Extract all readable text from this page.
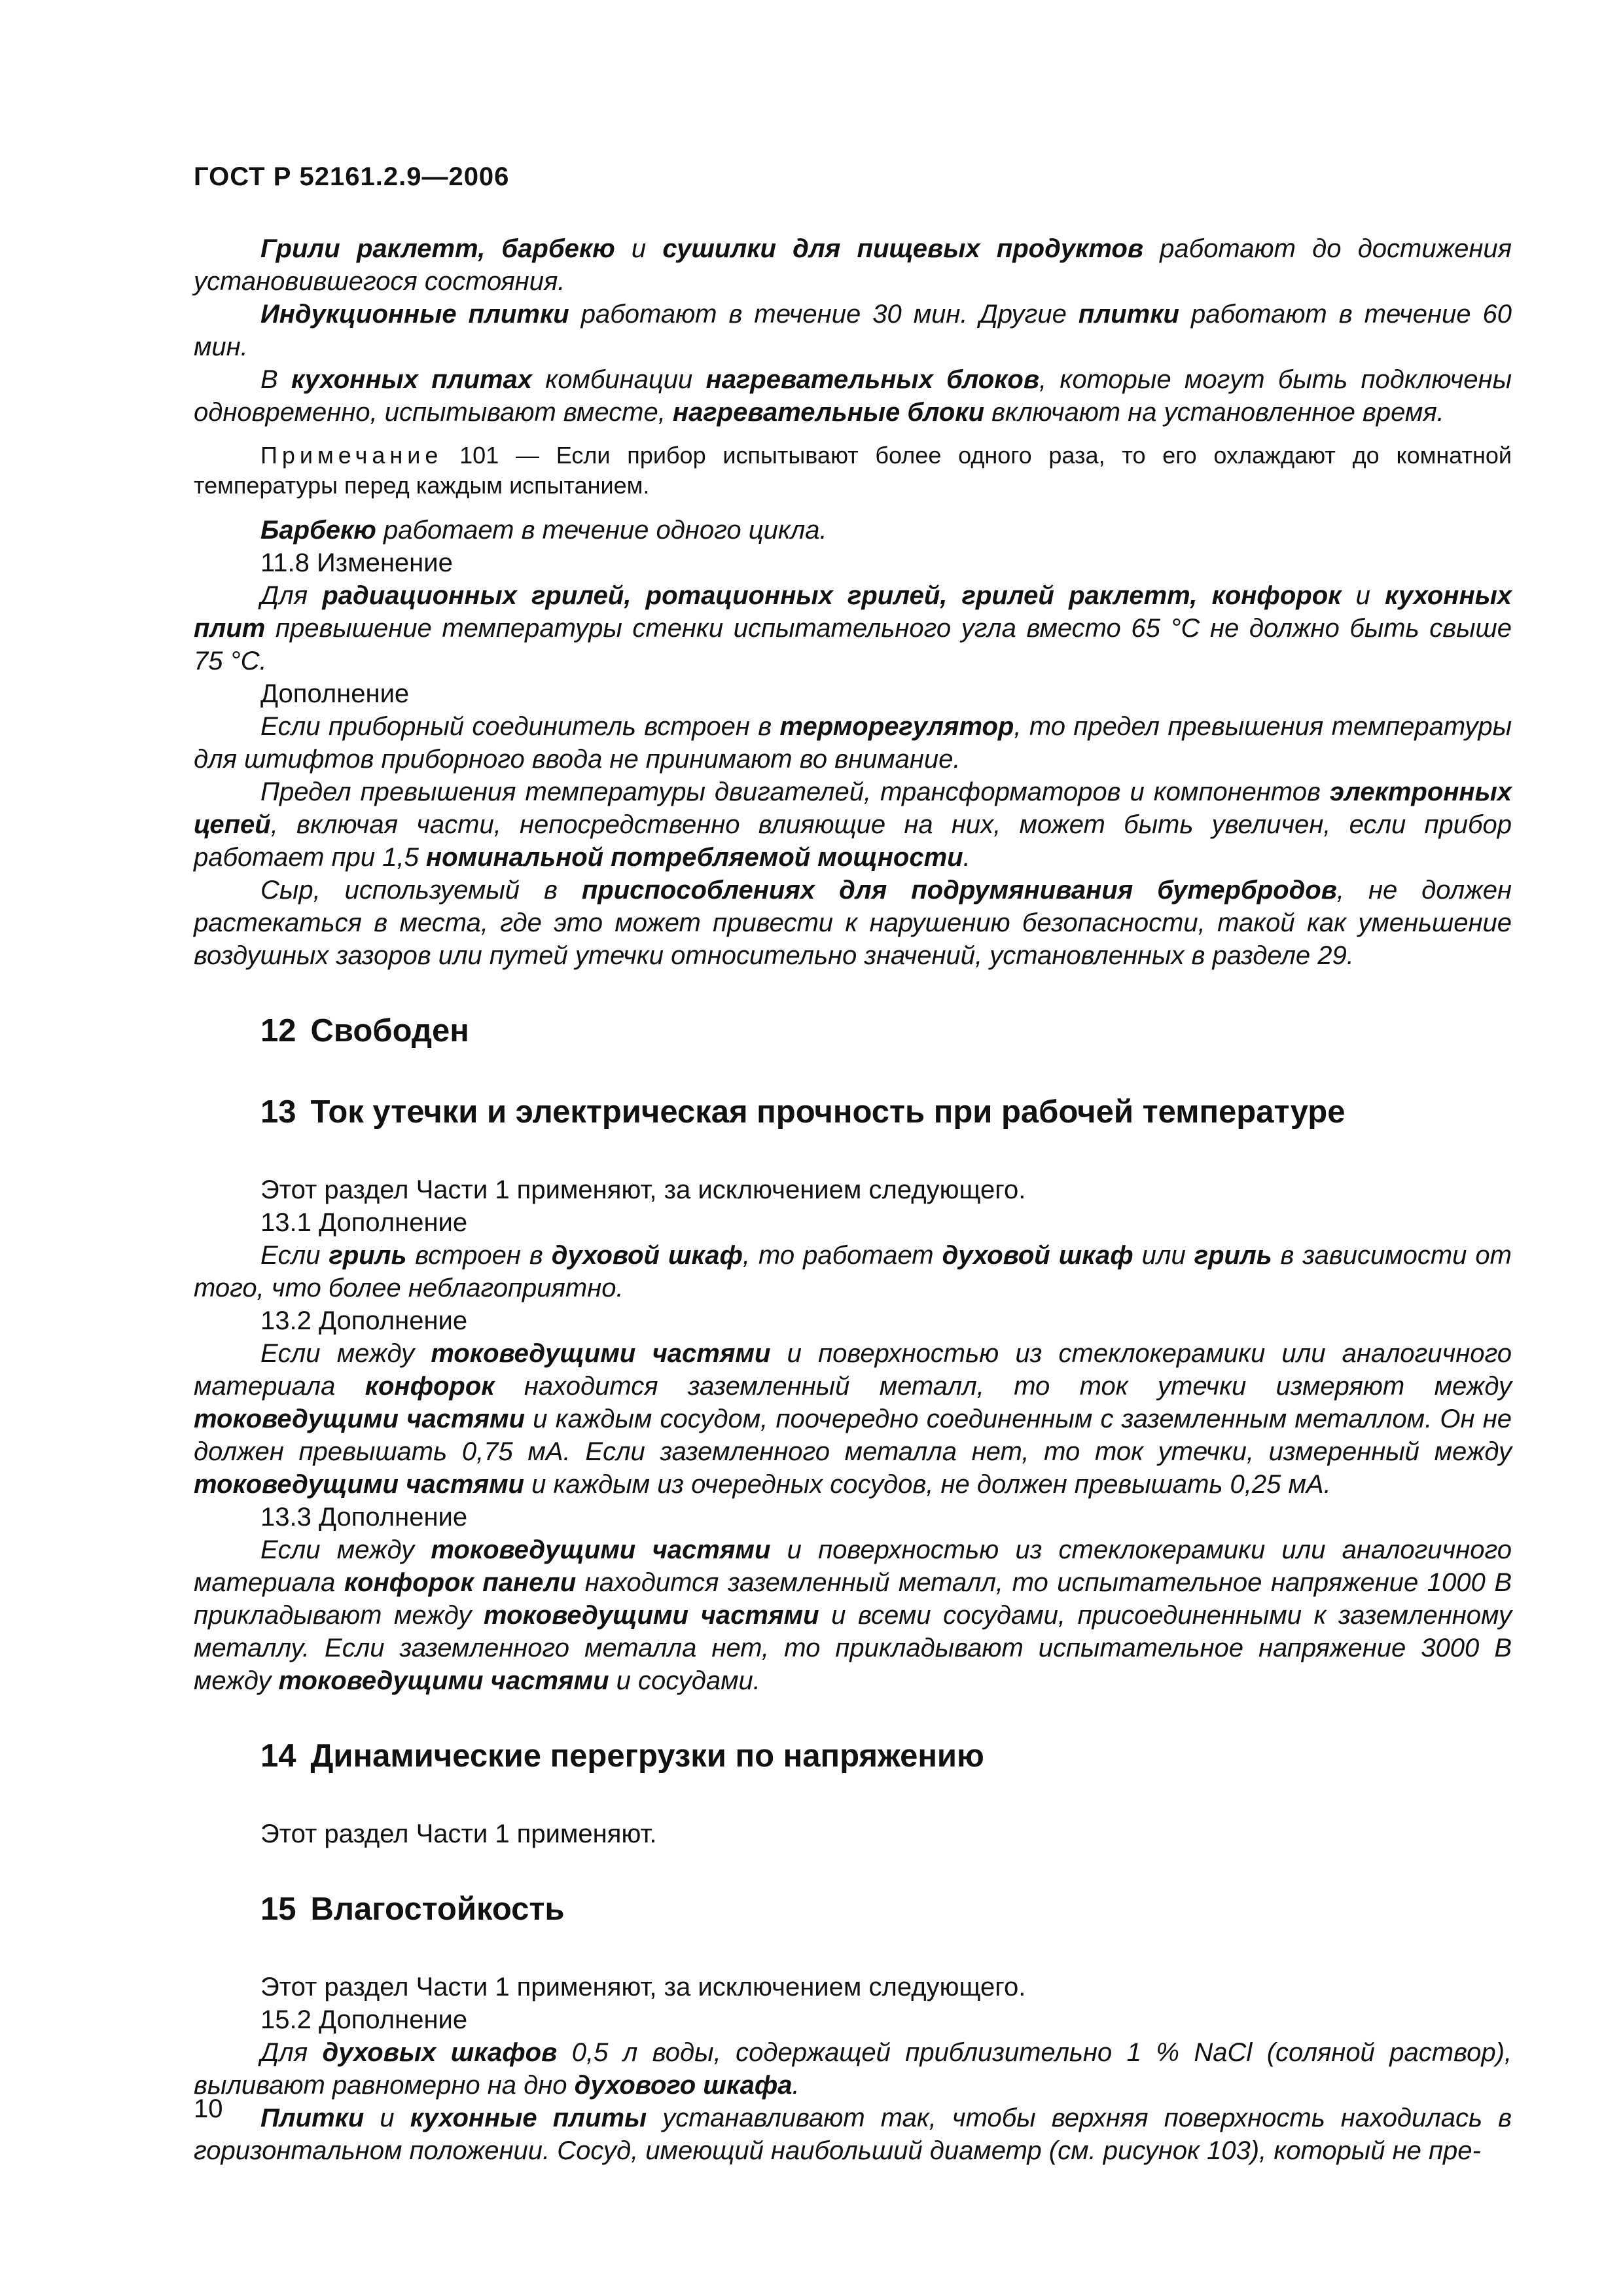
ГОСТ Р 52161.2.9—2006

Грили раклетт, барбекю и сушилки для пищевых продуктов работают до достижения установившегося состояния.

Индукционные плитки работают в течение 30 мин. Другие плитки работают в течение 60 мин.

В кухонных плитах комбинации нагревательных блоков, которые могут быть подключены одновременно, испытывают вместе, нагревательные блоки включают на установленное время.

Примечание 101 — Если прибор испытывают более одного раза, то его охлаждают до комнатной температуры перед каждым испытанием.

Барбекю работает в течение одного цикла.

11.8 Изменение

Для радиационных грилей, ротационных грилей, грилей раклетт, конфорок и кухонных плит превышение температуры стенки испытательного угла вместо 65 °С не должно быть свыше 75 °С.

Дополнение

Если приборный соединитель встроен в терморегулятор, то предел превышения температуры для штифтов приборного ввода не принимают во внимание.

Предел превышения температуры двигателей, трансформаторов и компонентов электронных цепей, включая части, непосредственно влияющие на них, может быть увеличен, если прибор работает при 1,5 номинальной потребляемой мощности.

Сыр, используемый в приспособлениях для подрумянивания бутербродов, не должен растекаться в места, где это может привести к нарушению безопасности, такой как уменьшение воздушных зазоров или путей утечки относительно значений, установленных в разделе 29.

12 Свободен
13 Ток утечки и электрическая прочность при рабочей температуре

Этот раздел Части 1 применяют, за исключением следующего.

13.1 Дополнение

Если гриль встроен в духовой шкаф, то работает духовой шкаф или гриль в зависимости от того, что более неблагоприятно.

13.2 Дополнение

Если между токоведущими частями и поверхностью из стеклокерамики или аналогичного материала конфорок находится заземленный металл, то ток утечки измеряют между токоведущими частями и каждым сосудом, поочередно соединенным с заземленным металлом. Он не должен превышать 0,75 мА. Если заземленного металла нет, то ток утечки, измеренный между токоведущими частями и каждым из очередных сосудов, не должен превышать 0,25 мА.

13.3 Дополнение

Если между токоведущими частями и поверхностью из стеклокерамики или аналогичного материала конфорок панели находится заземленный металл, то испытательное напряжение 1000 В прикладывают между токоведущими частями и всеми сосудами, присоединенными к заземленному металлу. Если заземленного металла нет, то прикладывают испытательное напряжение 3000 В между токоведущими частями и сосудами.

14 Динамические перегрузки по напряжению

Этот раздел Части 1 применяют.

15 Влагостойкость

Этот раздел Части 1 применяют, за исключением следующего.

15.2 Дополнение

Для духовых шкафов 0,5 л воды, содержащей приблизительно 1 % NaCl (соляной раствор), выливают равномерно на дно духового шкафа.

Плитки и кухонные плиты устанавливают так, чтобы верхняя поверхность находилась в горизонтальном положении. Сосуд, имеющий наибольший диаметр (см. рисунок 103), который не пре-

10
